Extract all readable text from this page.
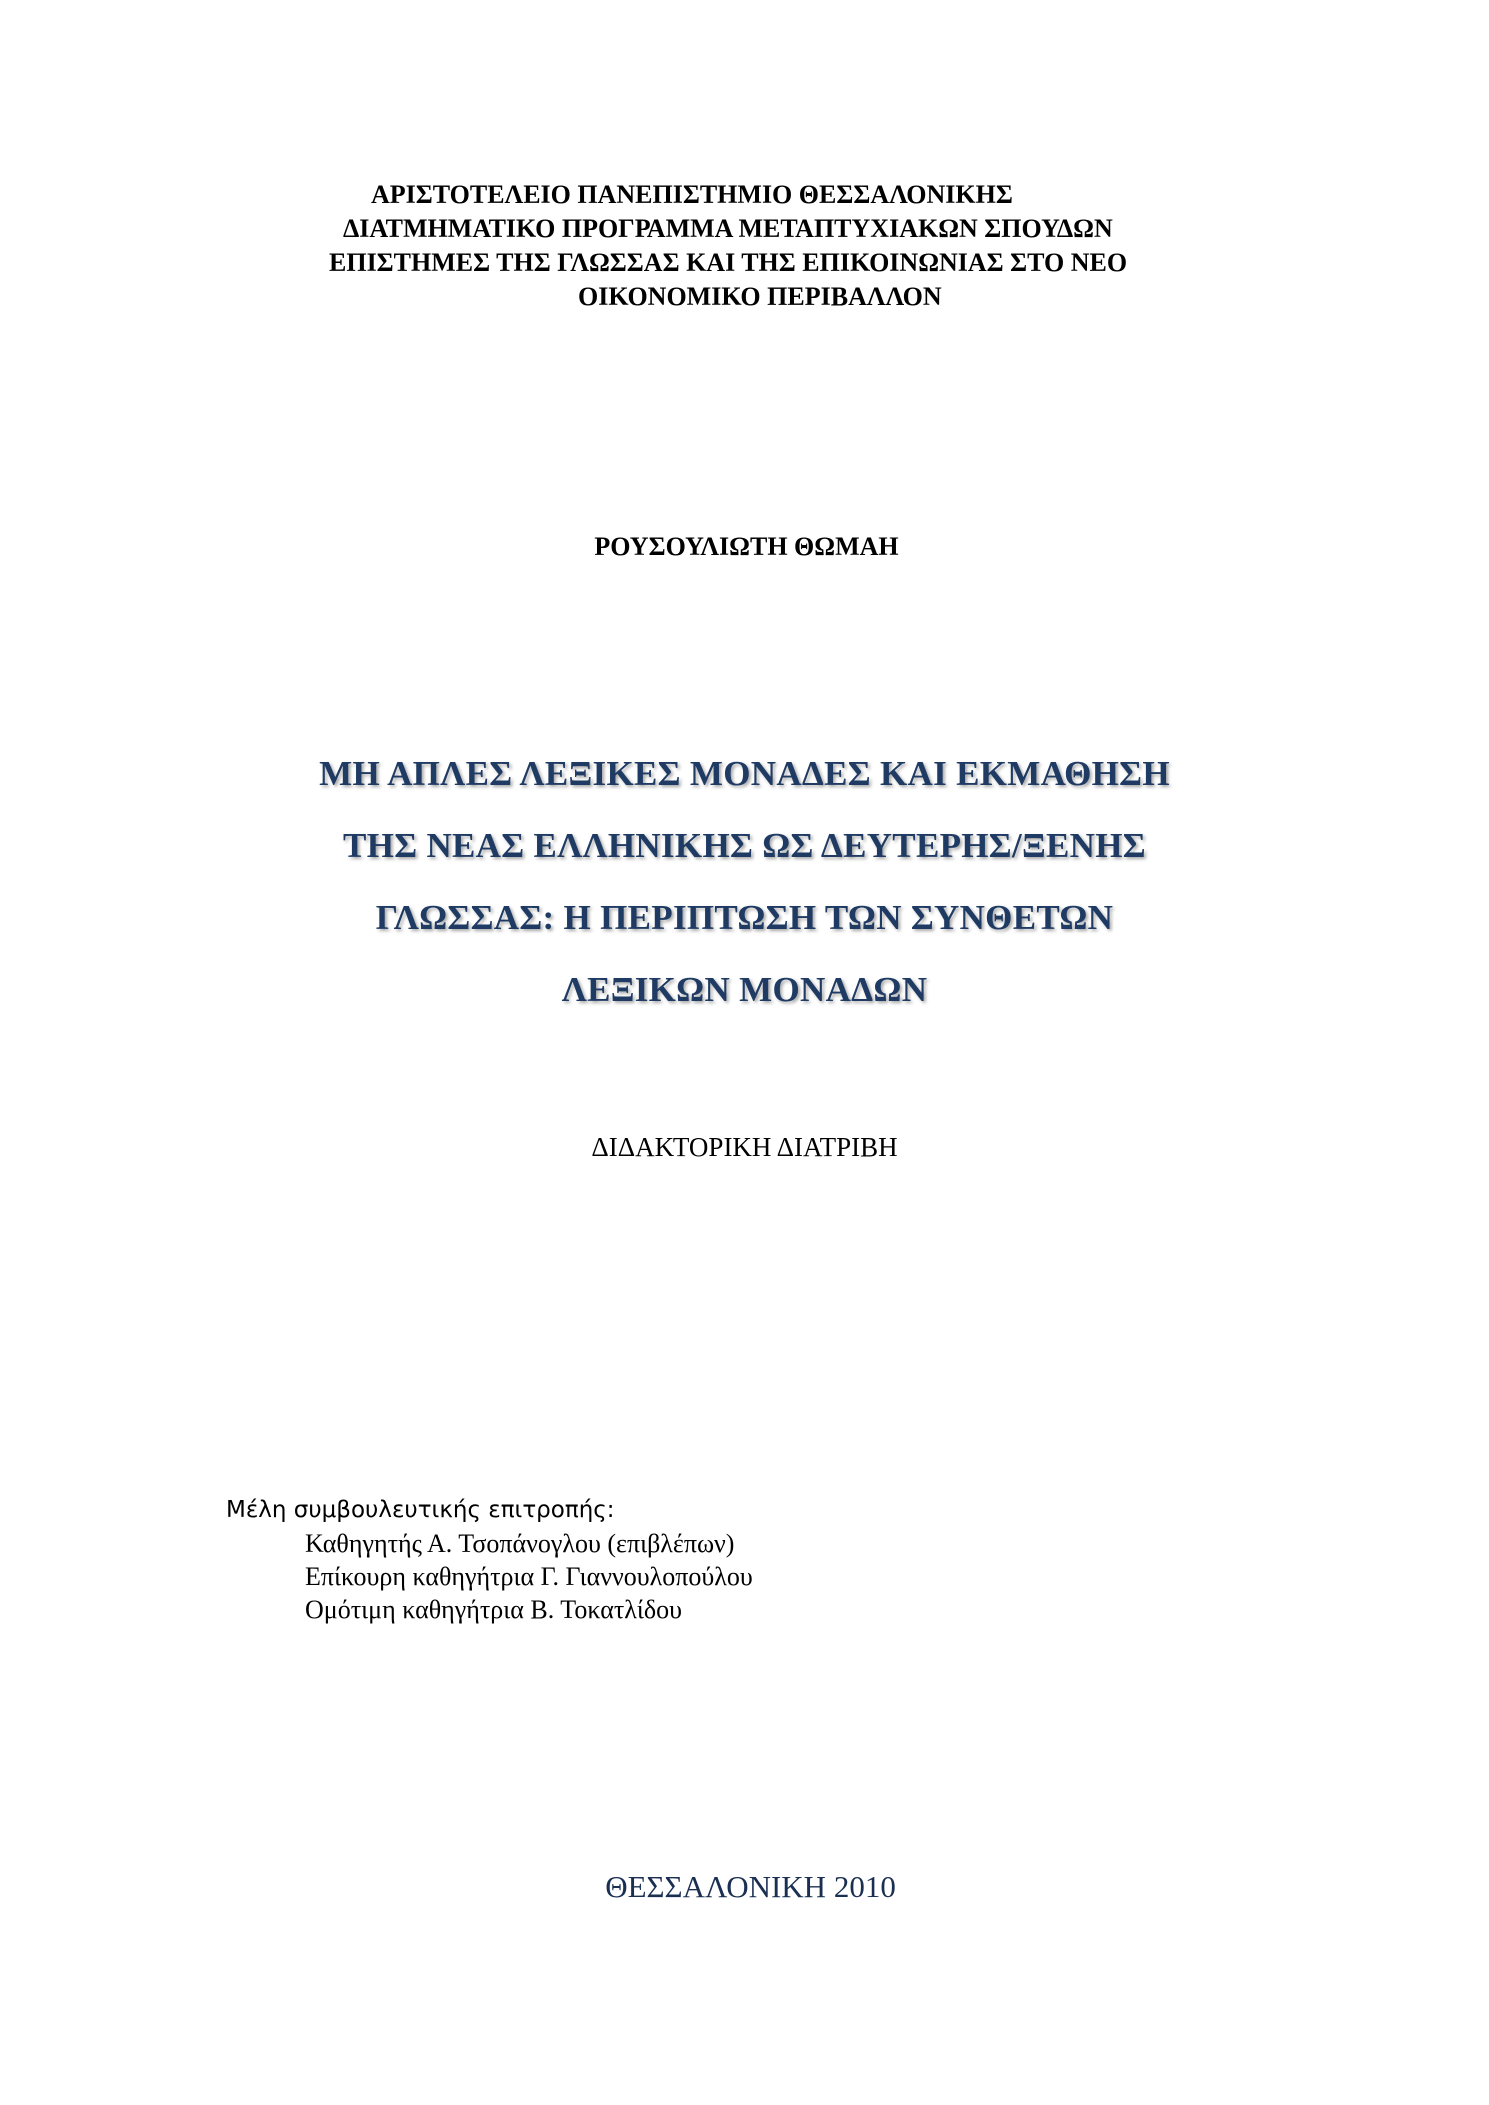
ΑΡΙΣΤΟΤΕΛΕΙΟ ΠΑΝΕΠΙΣΤΗΜΙΟ ΘΕΣΣΑΛΟΝΙΚΗΣ
ΔΙΑΤΜΗΜΑΤΙΚΟ ΠΡΟΓΡΑΜΜΑ ΜΕΤΑΠΤΥΧΙΑΚΩΝ ΣΠΟΥΔΩΝ
ΕΠΙΣΤΗΜΕΣ ΤΗΣ ΓΛΩΣΣΑΣ ΚΑΙ ΤΗΣ ΕΠΙΚΟΙΝΩΝΙΑΣ ΣΤΟ ΝΕΟ
ΟΙΚΟΝΟΜΙΚΟ ΠΕΡΙΒΑΛΛΟΝ
ΡΟΥΣΟΥΛΙΩΤΗ ΘΩΜΑΗ
ΜΗ ΑΠΛΕΣ ΛΕΞΙΚΕΣ ΜΟΝΑΔΕΣ ΚΑΙ ΕΚΜΑΘΗΣΗ
ΤΗΣ ΝΕΑΣ ΕΛΛΗΝΙΚΗΣ ΩΣ ΔΕΥΤΕΡΗΣ/ΞΕΝΗΣ
ΓΛΩΣΣΑΣ: Η ΠΕΡΙΠΤΩΣΗ ΤΩΝ ΣΥΝΘΕΤΩΝ
ΛΕΞΙΚΩΝ ΜΟΝΑΔΩΝ
ΔΙΔΑΚΤΟΡΙΚΗ ΔΙΑΤΡΙΒΗ
Μέλη συμβουλευτικής επιτροπής:
Καθηγητής Α. Τσοπάνογλου (επιβλέπων)
Επίκουρη καθηγήτρια Γ. Γιαννουλοπούλου
Ομότιμη καθηγήτρια Β. Τοκατλίδου
ΘΕΣΣΑΛΟΝΙΚΗ 2010
